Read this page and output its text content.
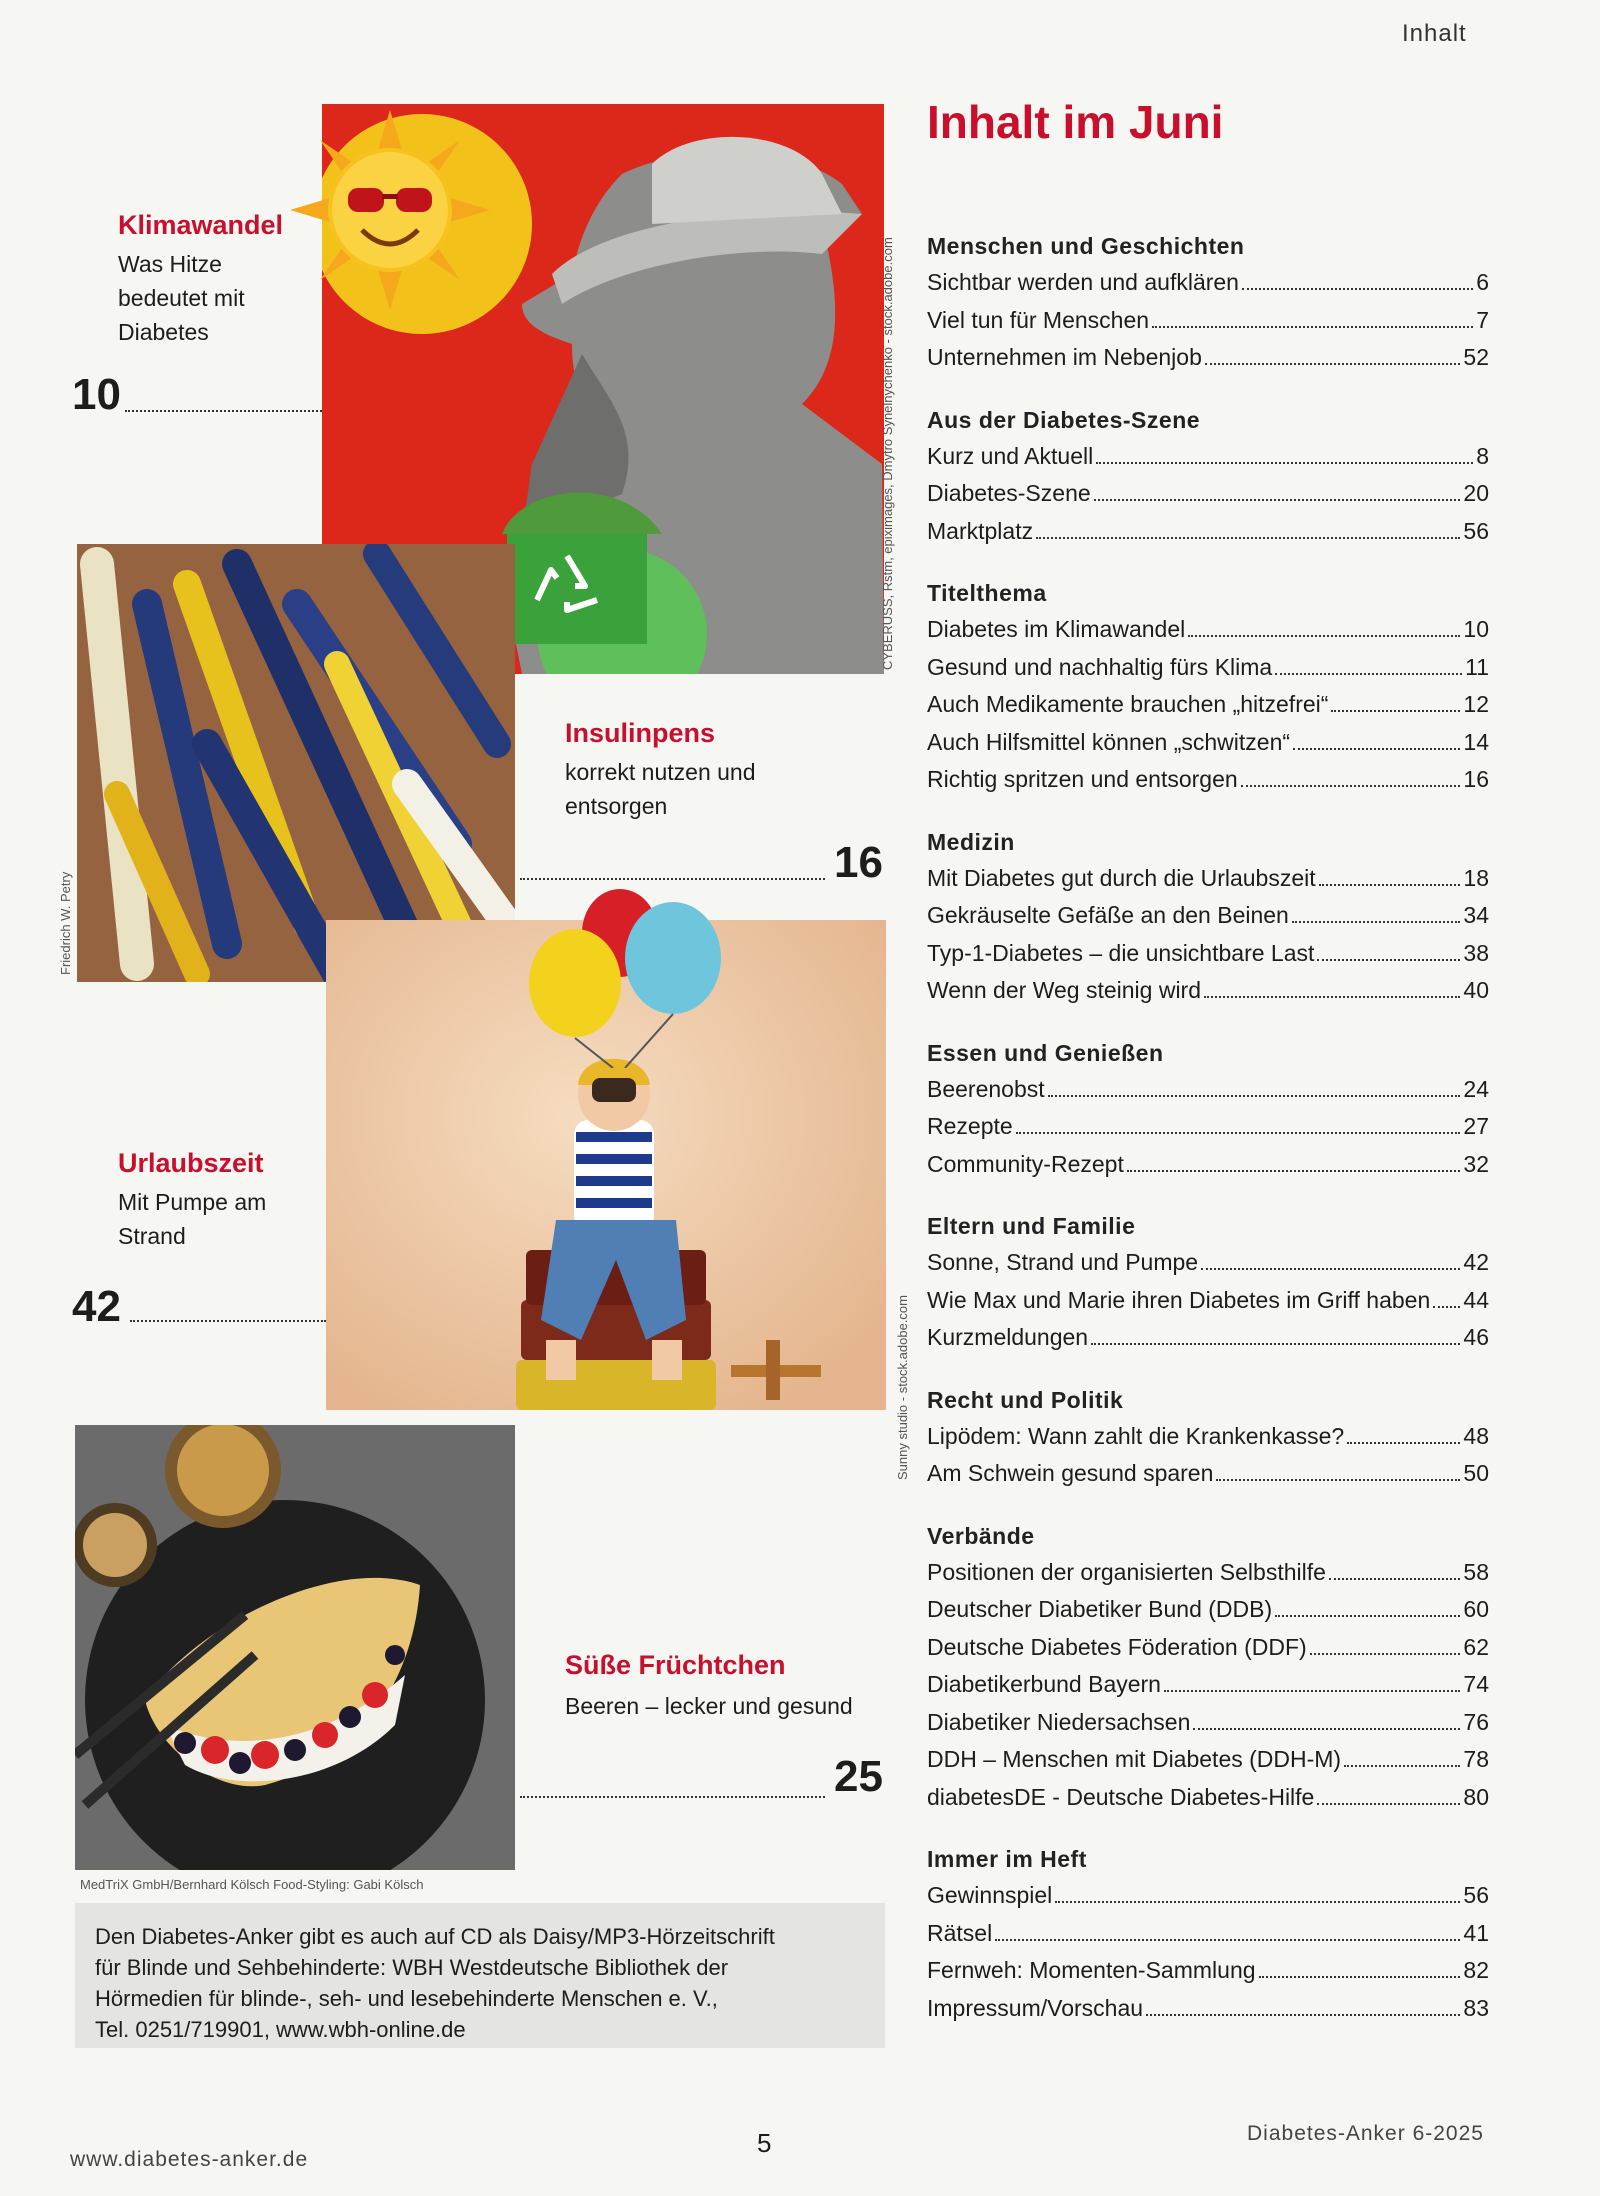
Inhalt
Inhalt im Juni
Menschen und Geschichten
Sichtbar werden und aufklären	6
Viel tun für Menschen	7
Unternehmen im Nebenjob	52
Aus der Diabetes-Szene
Kurz und Aktuell	8
Diabetes-Szene	20
Marktplatz	56
Titelthema
Diabetes im Klimawandel	10
Gesund und nachhaltig fürs Klima	11
Auch Medikamente brauchen „hitzefrei“	12
Auch Hilfsmittel können „schwitzen“	14
Richtig spritzen und entsorgen	16
Medizin
Mit Diabetes gut durch die Urlaubszeit	18
Gekräuselte Gefäße an den Beinen	34
Typ-1-Diabetes – die unsichtbare Last	38
Wenn der Weg steinig wird	40
Essen und Genießen
Beerenobst	24
Rezepte	27
Community-Rezept	32
Eltern und Familie
Sonne, Strand und Pumpe	42
Wie Max und Marie ihren Diabetes im Griff haben 44
Kurzmeldungen	46
Recht und Politik
Lipödem: Wann zahlt die Krankenkasse?	48
Am Schwein gesund sparen	50
Verbände
Positionen der organisierten Selbsthilfe	58
Deutscher Diabetiker Bund (DDB)	60
Deutsche Diabetes Föderation (DDF)	62
Diabetikerbund Bayern	74
Diabetiker Niedersachsen	76
DDH – Menschen mit Diabetes (DDH-M)	78
diabetesDE - Deutsche Diabetes-Hilfe	80
Immer im Heft
Gewinnspiel	56
Rätsel	41
Fernweh: Momenten-Sammlung	82
Impressum/Vorschau	83
CYBERUSS, Rstm, epiximages, Dmytro Synelnychenko - stock.adobe.com
Klimawandel
Was Hitze
bedeutet mit
Diabetes
10
Friedrich W. Petry
Insulinpens
korrekt nutzen und
entsorgen
16
Sunny studio - stock.adobe.com
Urlaubszeit
Mit Pumpe am
Strand
42
MedTriX GmbH/Bernhard Kölsch Food-Styling: Gabi Kölsch
Süße Früchtchen
Beeren – lecker und gesund
25
Den Diabetes-Anker gibt es auch auf CD als Daisy/MP3-Hörzeitschrift
für Blinde und Sehbehinderte: WBH Westdeutsche Bibliothek der
Hörmedien für blinde-, seh- und lesebehinderte Menschen e. V.,
Tel. 0251/719901, www.wbh-online.de
www.diabetes-anker.de
5	Diabetes-Anker 6-2025
